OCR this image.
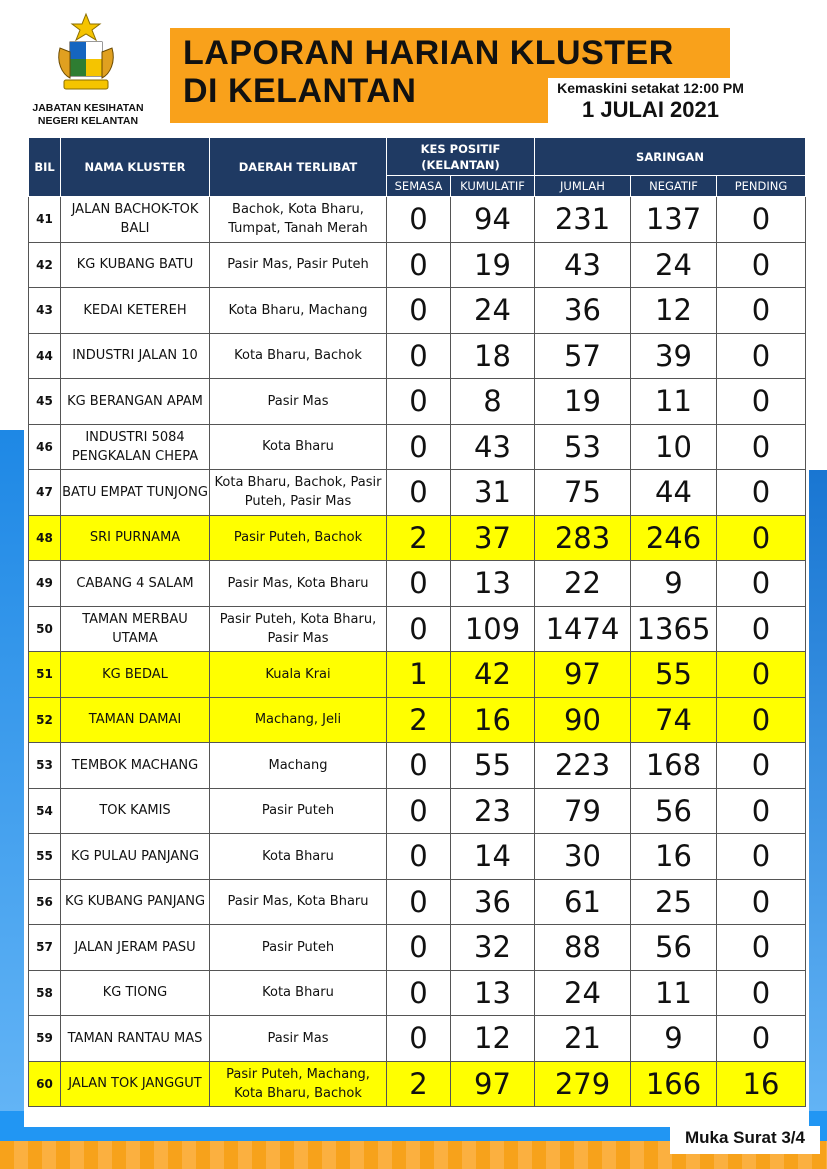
JABATAN KESIHATAN
NEGERI KELANTAN
LAPORAN HARIAN KLUSTER
DI KELANTAN	Kemaskini setakat 12:00 PM
1 JULAI 2021
BIL	NAMA KLUSTER	DAERAH TERLIBAT	KES POSITIF
(KELANTAN)		SARINGAN		
			SEMASA	KUMULATIF	JUMLAH	NEGATIF	PENDING
41	JALAN BACHOK-TOK BALI	Bachok, Kota Bharu, Tumpat, Tanah Merah	0	94	231	137	0
42	KG KUBANG BATU	Pasir Mas, Pasir Puteh	0	19	43	24	0
43	KEDAI KETEREH	Kota Bharu, Machang	0	24	36	12	0
44	INDUSTRI JALAN 10	Kota Bharu, Bachok	0	18	57	39	0
45	KG BERANGAN APAM	Pasir Mas	0	8	19	11	0
46	INDUSTRI 5084 PENGKALAN CHEPA	Kota Bharu	0	43	53	10	0
47	BATU EMPAT TUNJONG	Kota Bharu, Bachok, Pasir Puteh, Pasir Mas	0	31	75	44	0
48	SRI PURNAMA	Pasir Puteh, Bachok	2	37	283	246	0
49	CABANG 4 SALAM	Pasir Mas, Kota Bharu	0	13	22	9	0
50	TAMAN MERBAU UTAMA	Pasir Puteh, Kota Bharu, Pasir Mas	0	109	1474	1365	0
51	KG BEDAL	Kuala Krai	1	42	97	55	0
52	TAMAN DAMAI	Machang, Jeli	2	16	90	74	0
53	TEMBOK MACHANG	Machang	0	55	223	168	0
54	TOK KAMIS	Pasir Puteh	0	23	79	56	0
55	KG PULAU PANJANG	Kota Bharu	0	14	30	16	0
56	KG KUBANG PANJANG	Pasir Mas, Kota Bharu	0	36	61	25	0
57	JALAN JERAM PASU	Pasir Puteh	0	32	88	56	0
58	KG TIONG	Kota Bharu	0	13	24	11	0
59	TAMAN RANTAU MAS	Pasir Mas	0	12	21	9	0
60	JALAN TOK JANGGUT	Pasir Puteh, Machang, Kota Bharu, Bachok	2	97	279	166	16
Muka Surat 3/4
